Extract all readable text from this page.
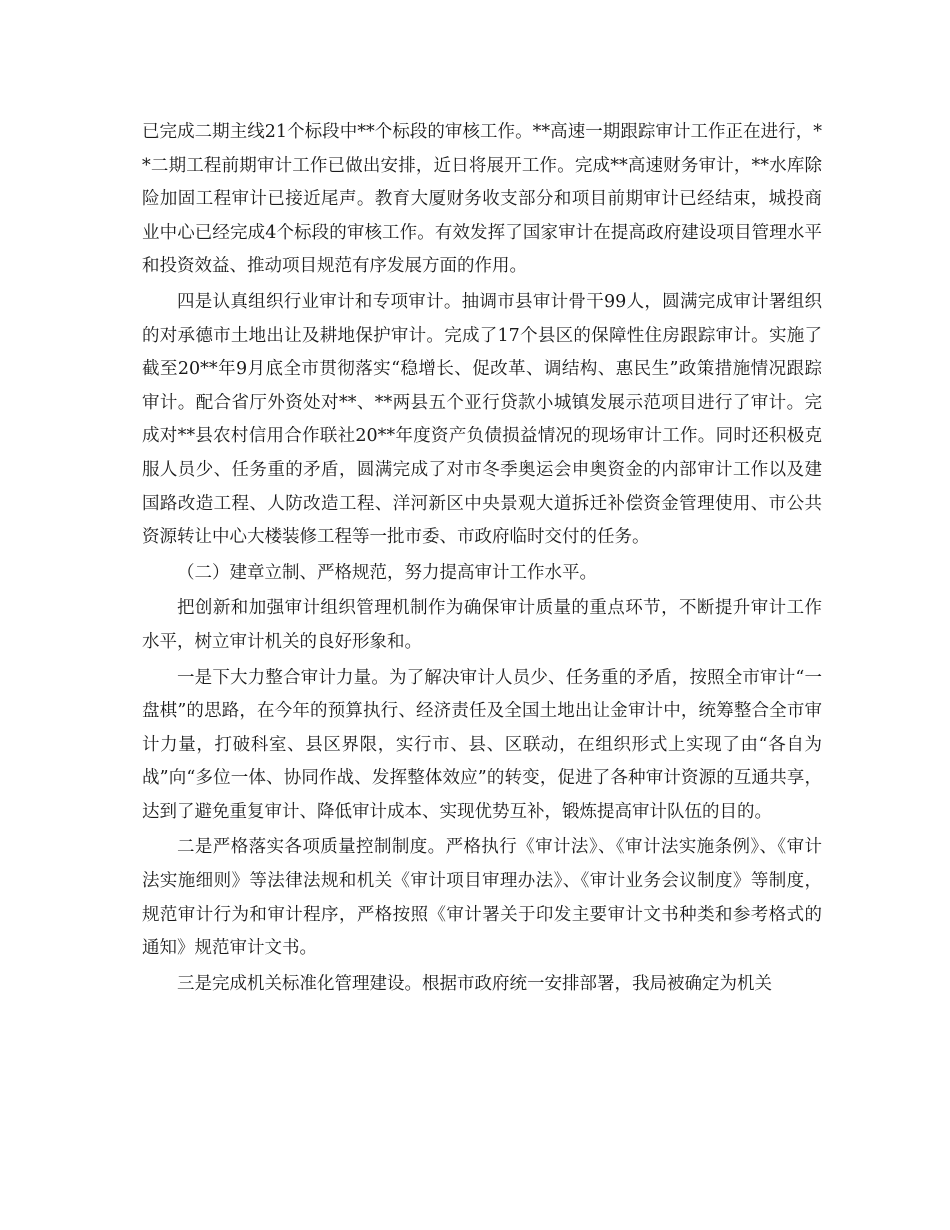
已完成二期主线21个标段中**个标段的审核工作。**高速一期跟踪审计工作正在进行，**二期工程前期审计工作已做出安排，近日将展开工作。完成**高速财务审计，**水库除险加固工程审计已接近尾声。教育大厦财务收支部分和项目前期审计已经结束，城投商业中心已经完成4个标段的审核工作。有效发挥了国家审计在提高政府建设项目管理水平和投资效益、推动项目规范有序发展方面的作用。

四是认真组织行业审计和专项审计。抽调市县审计骨干99人，圆满完成审计署组织的对承德市土地出让及耕地保护审计。完成了17个县区的保障性住房跟踪审计。实施了截至20**年9月底全市贯彻落实“稳增长、促改革、调结构、惠民生”政策措施情况跟踪审计。配合省厅外资处对**、**两县五个亚行贷款小城镇发展示范项目进行了审计。完成对**县农村信用合作联社20**年度资产负债损益情况的现场审计工作。同时还积极克服人员少、任务重的矛盾，圆满完成了对市冬季奥运会申奥资金的内部审计工作以及建国路改造工程、人防改造工程、洋河新区中央景观大道拆迁补偿资金管理使用、市公共资源转让中心大楼装修工程等一批市委、市政府临时交付的任务。

（二）建章立制、严格规范，努力提高审计工作水平。

把创新和加强审计组织管理机制作为确保审计质量的重点环节，不断提升审计工作水平，树立审计机关的良好形象和。

一是下大力整合审计力量。为了解决审计人员少、任务重的矛盾，按照全市审计“一盘棋”的思路，在今年的预算执行、经济责任及全国土地出让金审计中，统筹整合全市审计力量，打破科室、县区界限，实行市、县、区联动，在组织形式上实现了由“各自为战”向“多位一体、协同作战、发挥整体效应”的转变，促进了各种审计资源的互通共享，达到了避免重复审计、降低审计成本、实现优势互补，锻炼提高审计队伍的目的。

二是严格落实各项质量控制制度。严格执行《审计法》、《审计法实施条例》、《审计法实施细则》等法律法规和机关《审计项目审理办法》、《审计业务会议制度》等制度，规范审计行为和审计程序，严格按照《审计署关于印发主要审计文书种类和参考格式的通知》规范审计文书。

三是完成机关标准化管理建设。根据市政府统一安排部署，我局被确定为机关
